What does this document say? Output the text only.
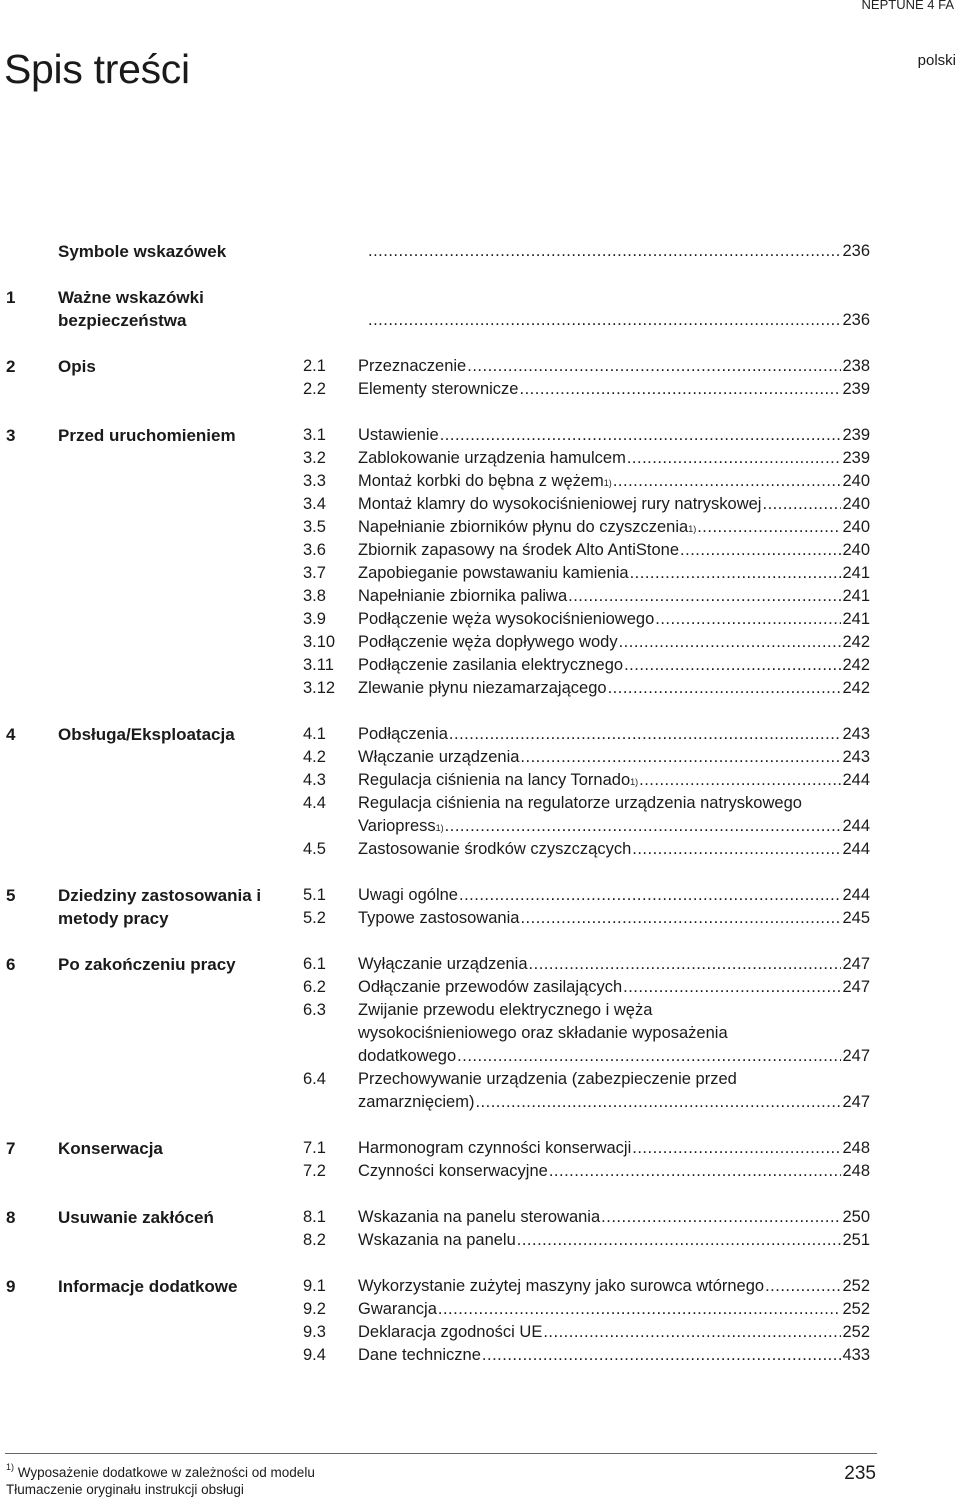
NEPTUNE 4 FA
Spis treści	polski
Symbole wskazówek .....	236
1	Ważne wskazówki bezpieczeństwa .....	236
2	Opis	2.1	Przeznaczenie .....	238
2.2	Elementy sterownicze .....	239
3	Przed uruchomieniem	3.1	Ustawienie .....	239
3.2	Zablokowanie urządzenia hamulcem .....	239
3.3	Montaż korbki do bębna z wężem 1) .....	240
3.4	Montaż klamry do wysokociśnieniowej rury natryskowej .....	240
3.5	Napełnianie zbiorników płynu do czyszczenia 1) .....	240
3.6	Zbiornik zapasowy na środek Alto AntiStone .....	240
3.7	Zapobieganie powstawaniu kamienia .....	241
3.8	Napełnianie zbiornika paliwa .....	241
3.9	Podłączenie węża wysokociśnieniowego .....	241
3.10	Podłączenie węża dopływego wody .....	242
3.11	Podłączenie zasilania elektrycznego .....	242
3.12	Zlewanie płynu niezamarzającego .....	242
4	Obsługa/Eksploatacja	4.1	Podłączenia .....	243
4.2	Włączanie urządzenia .....	243
4.3	Regulacja ciśnienia na lancy Tornado 1) .....	244
4.4	Regulacja ciśnienia na regulatorze urządzenia natryskowego
Variopress 1) .....	244
4.5	Zastosowanie środków czyszczących .....	244
5	Dziedziny zastosowania i metody pracy
5.1	Uwagi ogólne .....	244
5.2	Typowe zastosowania .....	245
6	Po zakończeniu pracy	6.1	Wyłączanie urządzenia .....	247
6.2	Odłączanie przewodów zasilających .....	247
6.3	Zwijanie przewodu elektrycznego i węża
wysokociśnieniowego oraz składanie wyposażenia
dodatkowego .....	247
6.4	Przechowywanie urządzenia (zabezpieczenie przed
zamarznięciem) .....	247
7	Konserwacja	7.1	Harmonogram czynności konserwacji .....	248
7.2	Czynności konserwacyjne .....	248
8	Usuwanie zakłóceń	8.1	Wskazania na panelu sterowania .....	250
8.2	Wskazania na panelu .....	251
9	Informacje dodatkowe	9.1	Wykorzystanie zużytej maszyny jako surowca wtórnego .....	252
9.2	Gwarancja .....	252
9.3	Deklaracja zgodności UE .....	252
9.4	Dane techniczne .....	433
$^{1)}$ Wyposażenie dodatkowe w zależności od modelu
Tłumaczenie oryginału instrukcji obsługi
235
